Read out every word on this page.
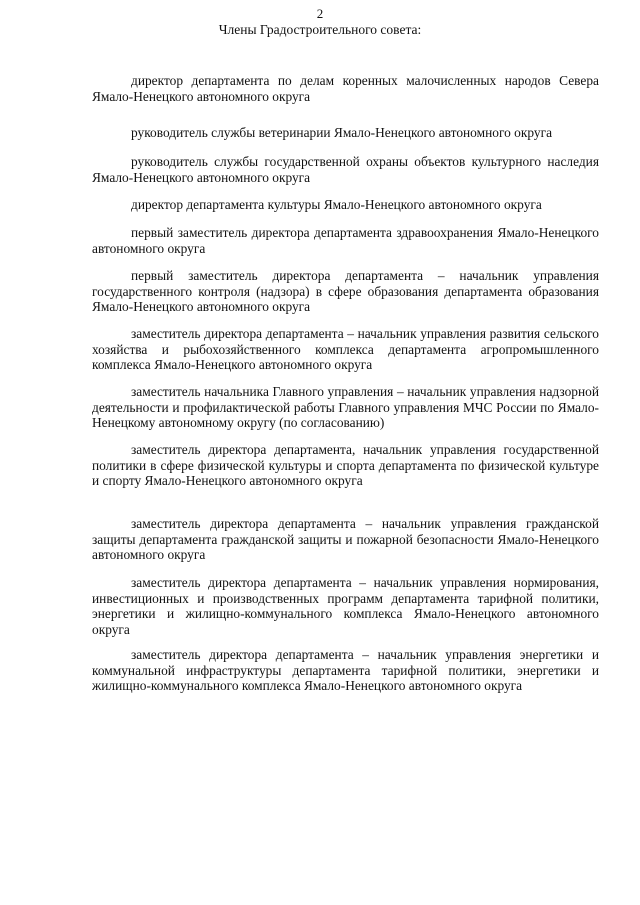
2
Члены Градостроительного совета:

директор департамента по делам коренных малочисленных народов Севера Ямало-Ненецкого автономного округа

руководитель службы ветеринарии Ямало-Ненецкого автономного округа

руководитель службы государственной охраны объектов культурного наследия Ямало-Ненецкого автономного округа

директор департамента культуры Ямало-Ненецкого автономного округа

первый заместитель директора департамента здравоохранения Ямало-Ненецкого автономного округа

первый заместитель директора департамента – начальник управления государственного контроля (надзора) в сфере образования департамента образования Ямало-Ненецкого автономного округа

заместитель директора департамента – начальник управления развития сельского хозяйства и рыбохозяйственного комплекса департамента агропромышленного комплекса Ямало-Ненецкого автономного округа

заместитель начальника Главного управления – начальник управления надзорной деятельности и профилактической работы Главного управления МЧС России по Ямало-Ненецкому автономному округу (по согласованию)

заместитель директора департамента, начальник управления государственной политики в сфере физической культуры и спорта департамента по физической культуре и спорту Ямало-Ненецкого автономного округа

заместитель директора департамента – начальник управления гражданской защиты департамента гражданской защиты и пожарной безопасности Ямало-Ненецкого автономного округа

заместитель директора департамента – начальник управления нормирования, инвестиционных и производственных программ департамента тарифной политики, энергетики и жилищно-коммунального комплекса Ямало-Ненецкого автономного округа

заместитель директора департамента – начальник управления энергетики и коммунальной инфраструктуры департамента тарифной политики, энергетики и жилищно-коммунального комплекса Ямало-Ненецкого автономного округа
